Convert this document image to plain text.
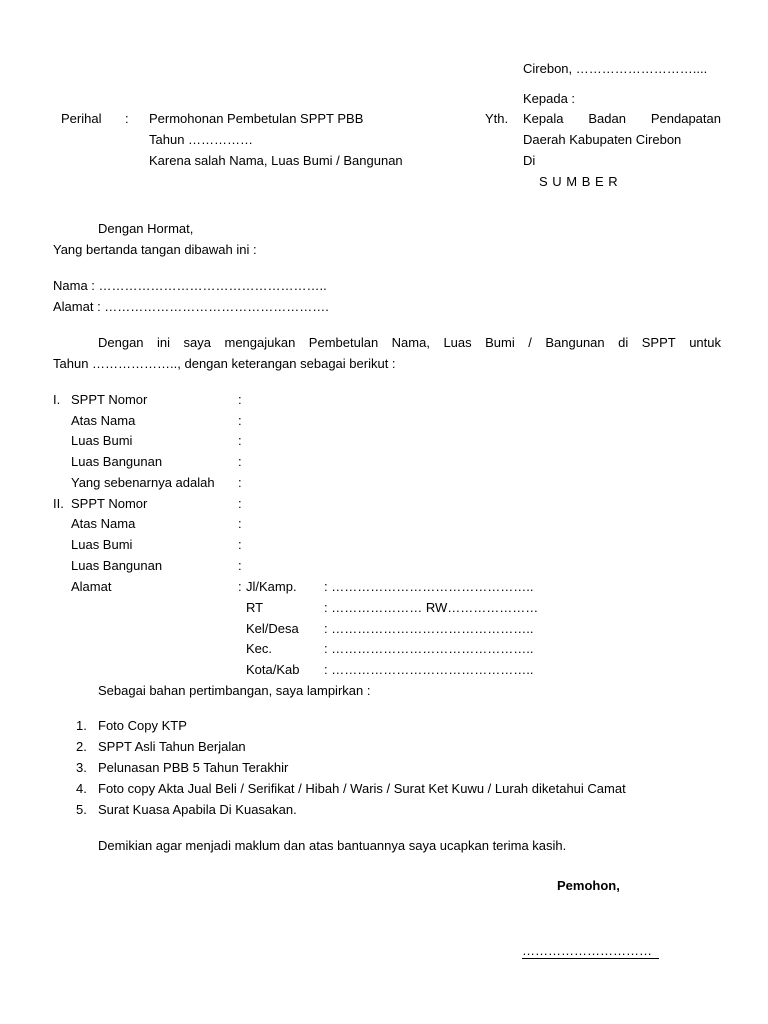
Cirebon, ………………………....
Kepada :
Yth. Kepala Badan Pendapatan
Daerah Kabupaten Cirebon
Di
S U M B E R
Perihal : Permohonan Pembetulan SPPT PBB
Tahun ……………
Karena salah Nama, Luas Bumi / Bangunan
Dengan Hormat,
Yang bertanda tangan dibawah ini :
Nama : ……………………………………………..
Alamat : …………………………………………….
Dengan ini saya mengajukan Pembetulan Nama, Luas Bumi / Bangunan di SPPT untuk
Tahun ……………….., dengan keterangan sebagai berikut :
I. SPPT Nomor	:
Atas Nama	:
Luas Bumi	:
Luas Bangunan	:
Yang sebenarnya adalah :
II. SPPT Nomor	:
Atas Nama	:
Luas Bumi	:
Luas Bangunan	:
Alamat	: Jl/Kamp. : ………………………………………..
RT	: ………………… RW…………………
Kel/Desa : ………………………………………..
Kec.	: ………………………………………..
Kota/Kab : ………………………………………..
Sebagai bahan pertimbangan, saya lampirkan :
1. Foto Copy KTP
2. SPPT Asli Tahun Berjalan
3. Pelunasan PBB 5 Tahun Terakhir
4. Foto copy Akta Jual Beli / Serifikat / Hibah / Waris / Surat Ket Kuwu / Lurah diketahui Camat
5. Surat Kuasa Apabila Di Kuasakan.
Demikian agar menjadi maklum dan atas bantuannya saya ucapkan terima kasih.
Pemohon,
…………………………
